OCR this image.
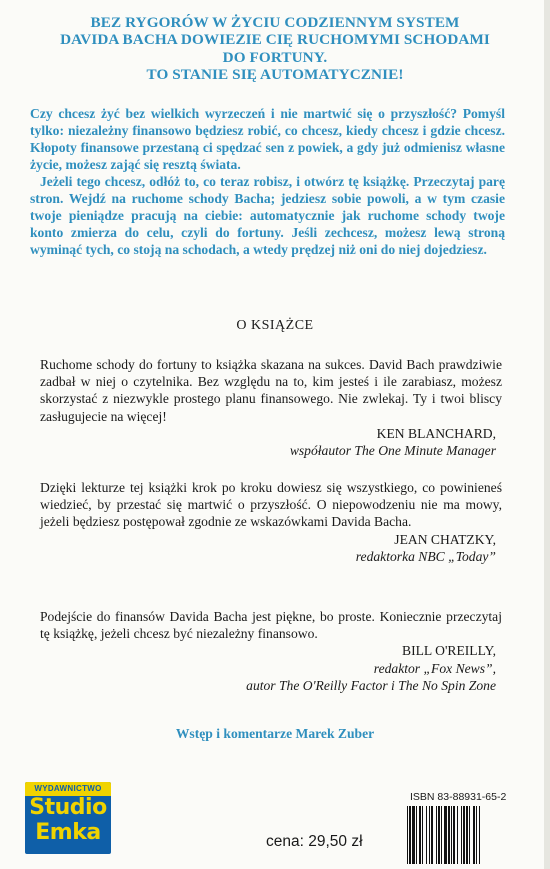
BEZ RYGORÓW W ŻYCIU CODZIENNYM SYSTEM
DAVIDA BACHA DOWIEZIE CIĘ RUCHOMYMI SCHODAMI
DO FORTUNY.
TO STANIE SIĘ AUTOMATYCZNIE!

Czy chcesz żyć bez wielkich wyrzeczeń i nie martwić się o przyszłość? Pomyśl tylko: niezależny finansowo będziesz robić, co chcesz, kiedy chcesz i gdzie chcesz. Kłopoty finansowe przestaną ci spędzać sen z powiek, a gdy już odmienisz własne życie, możesz zająć się resztą świata.

Jeżeli tego chcesz, odłóż to, co teraz robisz, i otwórz tę książkę. Przeczytaj parę stron. Wejdź na ruchome schody Bacha; jedziesz sobie powoli, a w tym czasie twoje pieniądze pracują na ciebie: automatycznie jak ruchome schody twoje konto zmierza do celu, czyli do fortuny. Jeśli zechcesz, możesz lewą stroną wyminąć tych, co stoją na schodach, a wtedy prędzej niż oni do niej dojedziesz.

O KSIĄŻCE

Ruchome schody do fortuny to książka skazana na sukces. David Bach prawdziwie zadbał w niej o czytelnika. Bez względu na to, kim jesteś i ile zarabiasz, możesz skorzystać z niezwykle prostego planu finansowego. Nie zwlekaj. Ty i twoi bliscy zasługujecie na więcej!

KEN BLANCHARD,
współautor The One Minute Manager

Dzięki lekturze tej książki krok po kroku dowiesz się wszystkiego, co powinieneś wiedzieć, by przestać się martwić o przyszłość. O niepowodzeniu nie ma mowy, jeżeli będziesz postępował zgodnie ze wskazówkami Davida Bacha.

JEAN CHATZKY,
redaktorka NBC „Today”

Podejście do finansów Davida Bacha jest piękne, bo proste. Koniecznie przeczytaj tę książkę, jeżeli chcesz być niezależny finansowo.

BILL O'REILLY,
redaktor „Fox News”,
autor The O'Reilly Factor i The No Spin Zone
Wstęp i komentarze Marek Zuber
WYDAWNICTWO
Studio
Emka
ISBN 83-88931-65-2
cena: 29,50 zł
